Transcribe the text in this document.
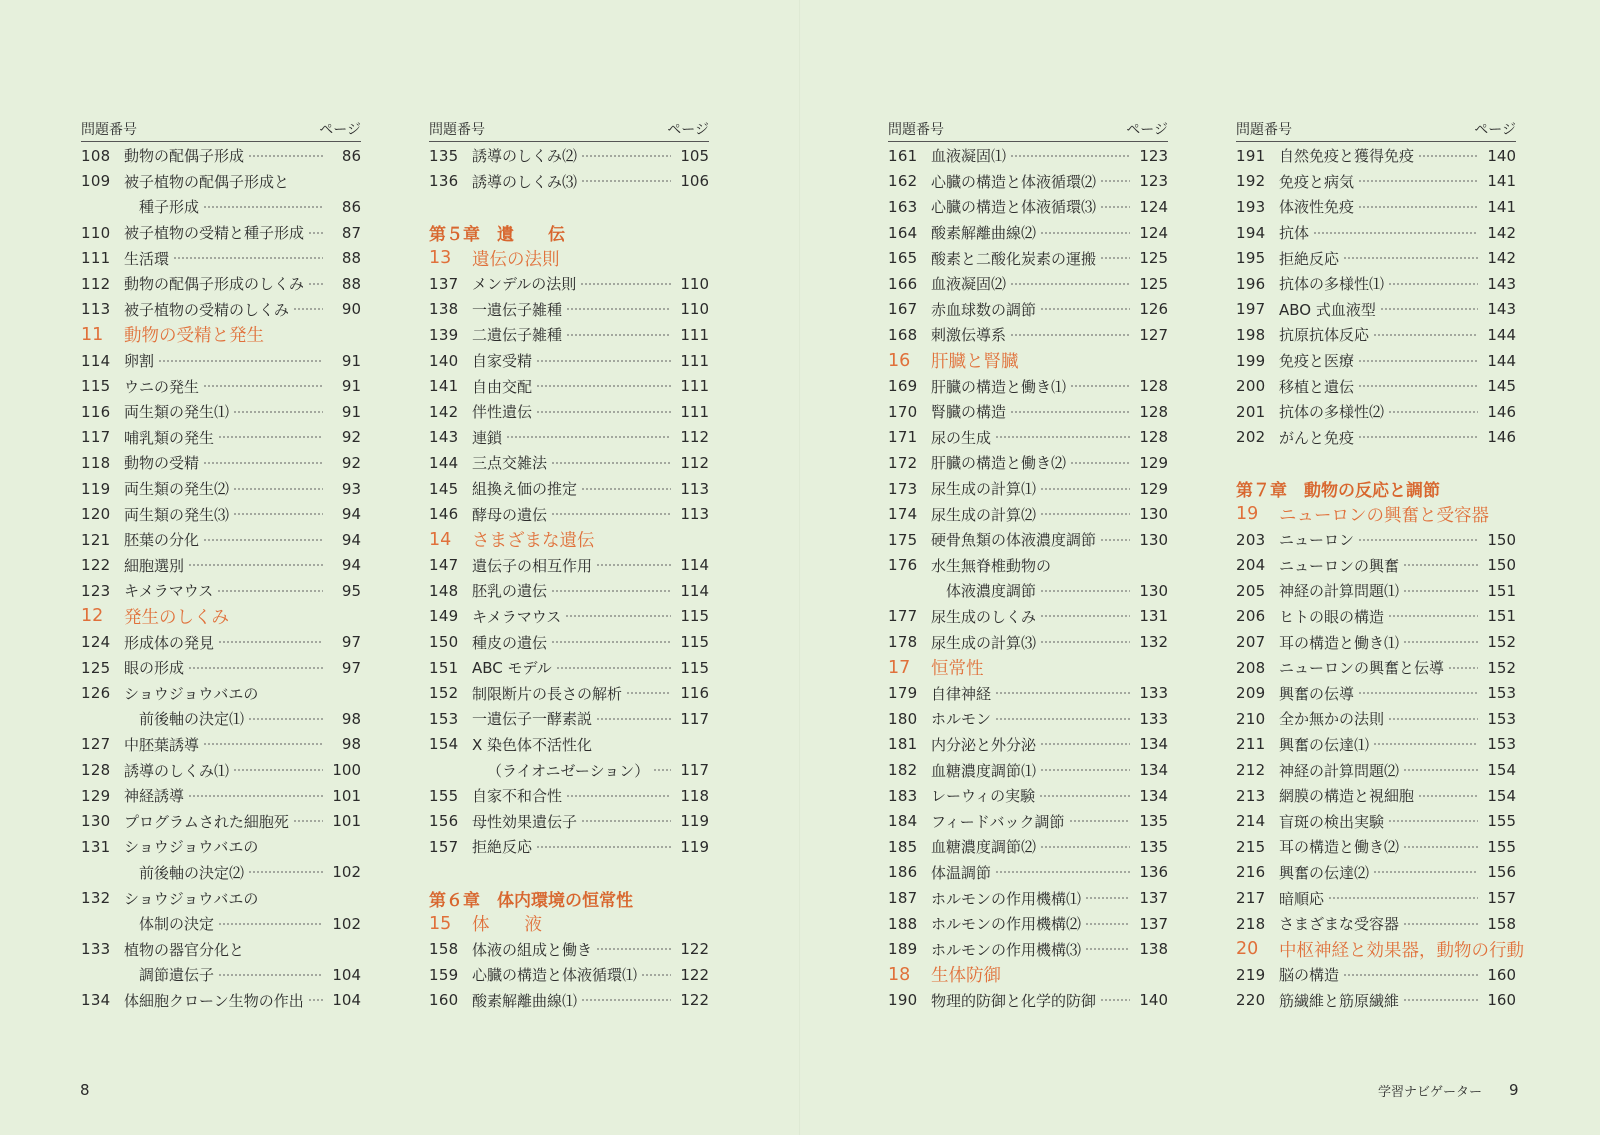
問題番号	ページ
108 動物の配偶子形成	86
109 被子植物の配偶子形成と
種子形成	86
110 被子植物の受精と種子形成	87
111 生活環	88
112 動物の配偶子形成のしくみ	88
113 被子植物の受精のしくみ	90
11	動物の受精と発生
114 卵割	91
115 ウニの発生	91
116 両生類の発生⑴	91
117 哺乳類の発生	92
118 動物の受精	92
119 両生類の発生⑵	93
120 両生類の発生⑶	94
121 胚葉の分化	94
122 細胞選別	94
123 キメラマウス	95
12	発生のしくみ
124 形成体の発見	97
125 眼の形成	97
126 ショウジョウバエの
前後軸の決定⑴	98
127 中胚葉誘導	98
128 誘導のしくみ⑴	100
129 神経誘導	101
130 プログラムされた細胞死	101
131 ショウジョウバエの
前後軸の決定⑵	102
132 ショウジョウバエの
体制の決定	102
133 植物の器官分化と
調節遺伝子	104
134 体細胞クローン生物の作出	104
問題番号	ページ
135 誘導のしくみ⑵	105
136 誘導のしくみ⑶	106
第５章　遺　　伝
13	遺伝の法則
137 メンデルの法則	110
138 一遺伝子雑種	110
139 二遺伝子雑種	111
140 自家受精	111
141 自由交配	111
142 伴性遺伝	111
143 連鎖	112
144 三点交雑法	112
145 組換え価の推定	113
146 酵母の遺伝	113
14	さまざまな遺伝
147 遺伝子の相互作用	114
148 胚乳の遺伝	114
149 キメラマウス	115
150 種皮の遺伝	115
151 ABC モデル	115
152 制限断片の長さの解析	116
153 一遺伝子一酵素説	117
154 X 染色体不活性化
（ライオニゼーション）	117
155 自家不和合性	118
156 母性効果遺伝子	119
157 拒絶反応	119
第６章　体内環境の恒常性
15	体　　液
158 体液の組成と働き	122
159 心臓の構造と体液循環⑴	122
160 酸素解離曲線⑴	122
問題番号	ページ
161 血液凝固⑴	123
162 心臓の構造と体液循環⑵	123
163 心臓の構造と体液循環⑶	124
164 酸素解離曲線⑵	124
165 酸素と二酸化炭素の運搬	125
166 血液凝固⑵	125
167 赤血球数の調節	126
168 刺激伝導系	127
16	肝臓と腎臓
169 肝臓の構造と働き⑴	128
170 腎臓の構造	128
171 尿の生成	128
172 肝臓の構造と働き⑵	129
173 尿生成の計算⑴	129
174 尿生成の計算⑵	130
175 硬骨魚類の体液濃度調節	130
176 水生無脊椎動物の
体液濃度調節	130
177 尿生成のしくみ	131
178 尿生成の計算⑶	132
17	恒常性
179 自律神経	133
180 ホルモン	133
181 内分泌と外分泌	134
182 血糖濃度調節⑴	134
183 レーウィの実験	134
184 フィードバック調節	135
185 血糖濃度調節⑵	135
186 体温調節	136
187 ホルモンの作用機構⑴	137
188 ホルモンの作用機構⑵	137
189 ホルモンの作用機構⑶	138
18	生体防御
190 物理的防御と化学的防御	140
問題番号	ページ
191 自然免疫と獲得免疫	140
192 免疫と病気	141
193 体液性免疫	141
194 抗体	142
195 拒絶反応	142
196 抗体の多様性⑴	143
197 ABO 式血液型	143
198 抗原抗体反応	144
199 免疫と医療	144
200 移植と遺伝	145
201 抗体の多様性⑵	146
202 がんと免疫	146
第７章　動物の反応と調節
19	ニューロンの興奮と受容器
203 ニューロン	150
204 ニューロンの興奮	150
205 神経の計算問題⑴	151
206 ヒトの眼の構造	151
207 耳の構造と働き⑴	152
208 ニューロンの興奮と伝導	152
209 興奮の伝導	153
210 全か無かの法則	153
211 興奮の伝達⑴	153
212 神経の計算問題⑵	154
213 網膜の構造と視細胞	154
214 盲斑の検出実験	155
215 耳の構造と働き⑵	155
216 興奮の伝達⑵	156
217 暗順応	157
218 さまざまな受容器	158
20	中枢神経と効果器，動物の行動
219 脳の構造	160
220 筋繊維と筋原繊維	160
8	学習ナビゲーター 9
